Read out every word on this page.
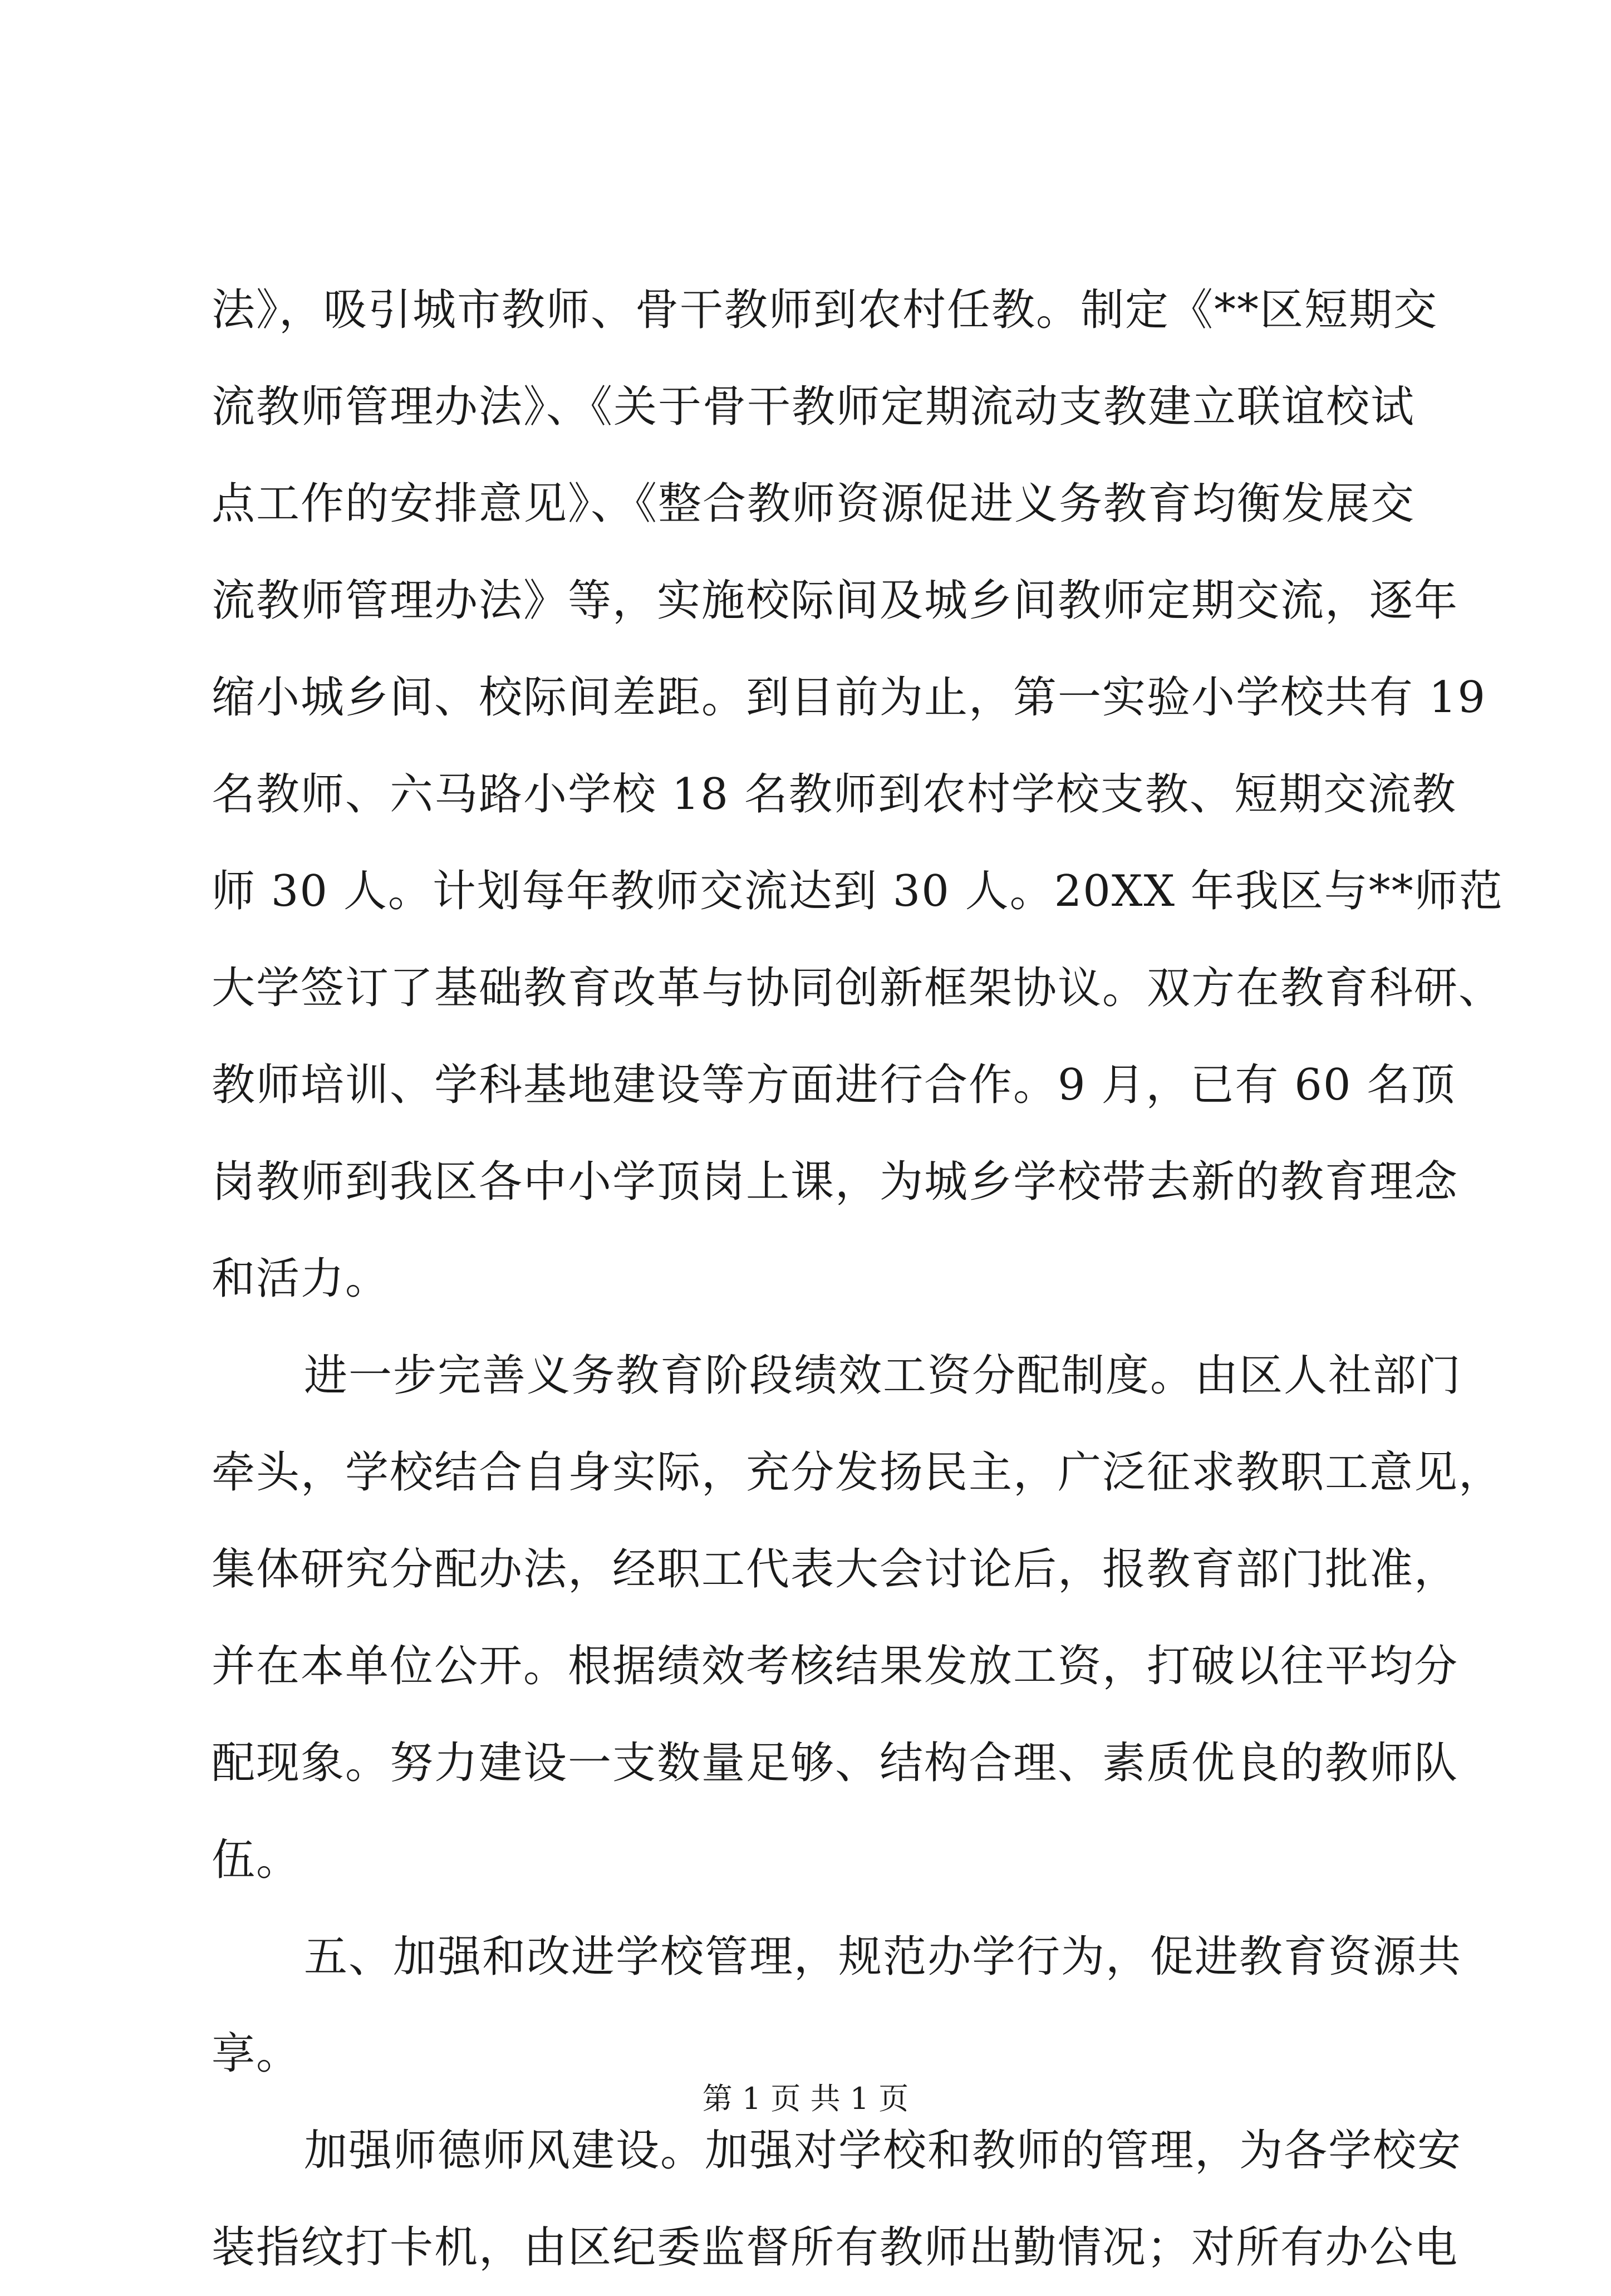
法》，吸引城市教师、骨干教师到农村任教。制定《**区短期交
流教师管理办法》、《关于骨干教师定期流动支教建立联谊校试
点工作的安排意见》、《整合教师资源促进义务教育均衡发展交
流教师管理办法》等，实施校际间及城乡间教师定期交流，逐年
缩小城乡间、校际间差距。到目前为止，第一实验小学校共有 19
名教师、六马路小学校 18 名教师到农村学校支教、短期交流教
师 30 人。计划每年教师交流达到 30 人。20XX 年我区与**师范
大学签订了基础教育改革与协同创新框架协议。双方在教育科研、
教师培训、学科基地建设等方面进行合作。9 月，已有 60 名顶
岗教师到我区各中小学顶岗上课，为城乡学校带去新的教育理念
和活力。
进一步完善义务教育阶段绩效工资分配制度。由区人社部门
牵头，学校结合自身实际，充分发扬民主，广泛征求教职工意见，
集体研究分配办法，经职工代表大会讨论后，报教育部门批准，
并在本单位公开。根据绩效考核结果发放工资，打破以往平均分
配现象。努力建设一支数量足够、结构合理、素质优良的教师队
伍。
五、加强和改进学校管理，规范办学行为，促进教育资源共
享。
加强师德师风建设。加强对学校和教师的管理，为各学校安
装指纹打卡机，由区纪委监督所有教师出勤情况；对所有办公电
第 1 页 共 1 页
